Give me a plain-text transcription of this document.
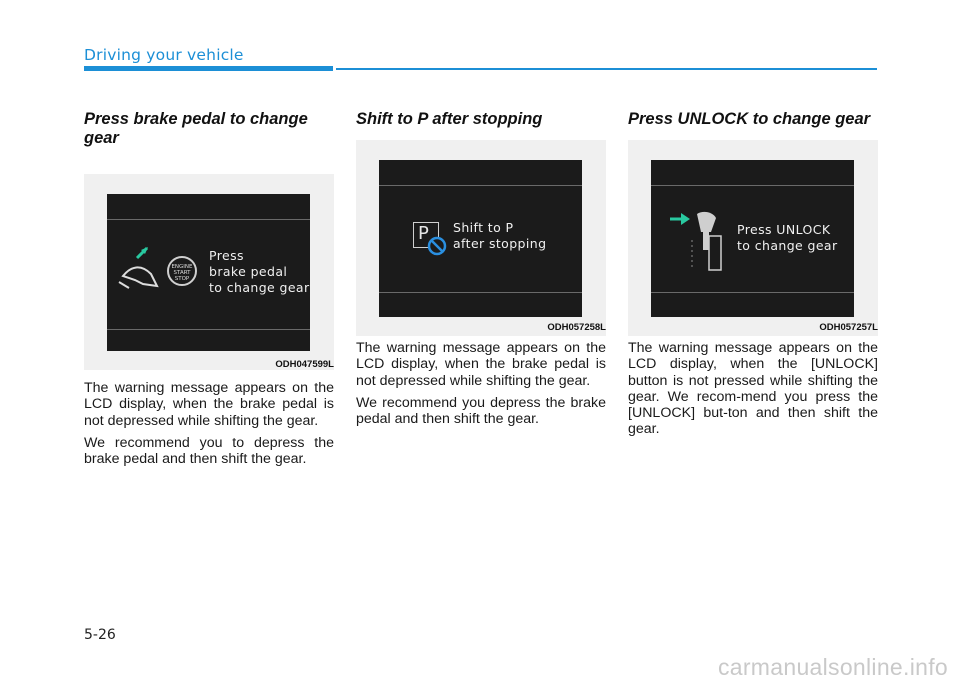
Driving your vehicle
Press brake pedal to change gear
ENGINE
START
STOP
Press
brake pedal
to change gear
ODH047599L

The warning message appears on the LCD display, when the brake pedal is not depressed while shifting the gear.

We recommend you to depress the brake pedal and then shift the gear.

Shift to P after stopping
P Shift to P
after stopping
ODH057258L

The warning message appears on the LCD display, when the brake pedal is not depressed while shifting the gear.

We recommend you depress the brake pedal and then shift the gear.

Press UNLOCK to change gear
Press UNLOCK
to change gear
ODH057257L

The warning message appears on the LCD display, when the [UNLOCK] button is not pressed while shifting the gear. We recom-mend you press the [UNLOCK] but-ton and then shift the gear.

5-26
carmanualsonline.info
